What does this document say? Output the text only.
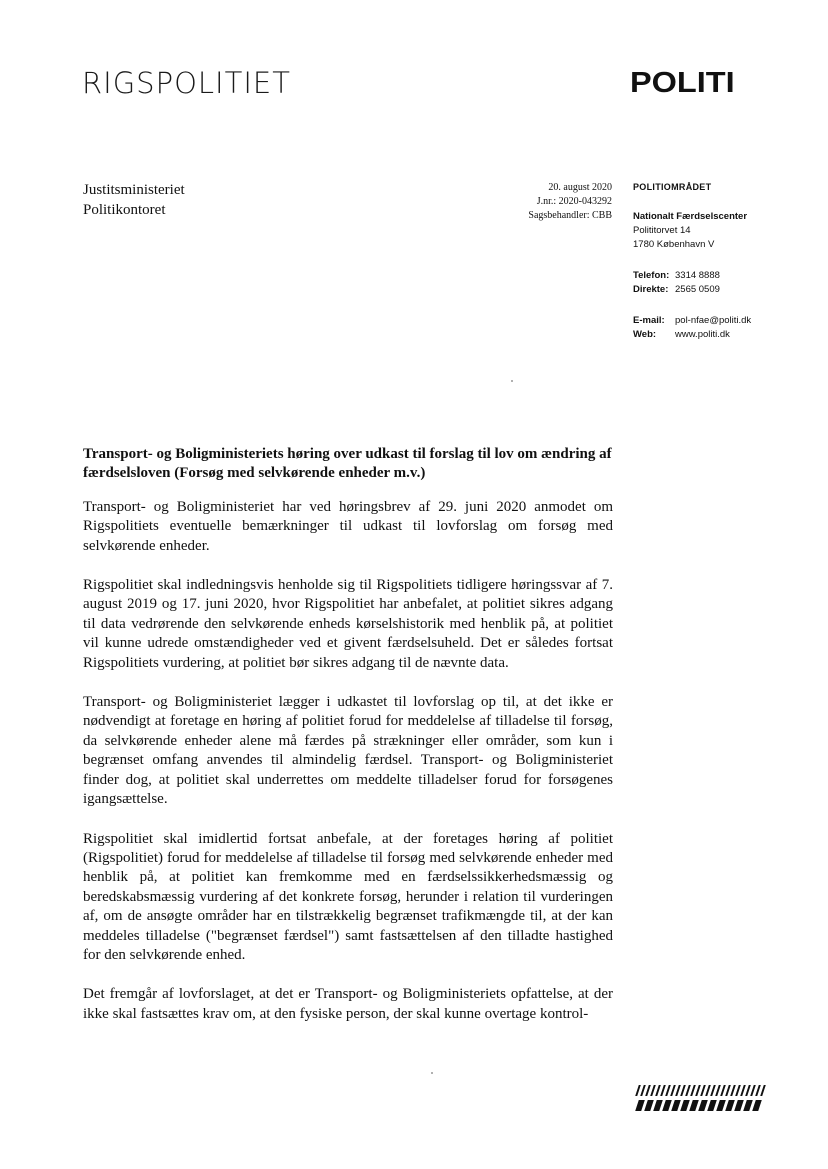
RIGSPOLITIET	POLITI
Justitsministeriet
Politikontoret
20. august 2020
J.nr.: 2020-043292
Sagsbehandler: CBB
POLITIOMRÅDET
Nationalt Færdselscenter
Polititorvet 14
1780 København V
Telefon: 3314 8888
Direkte: 2565 0509
E-mail:	pol-nfae@politi.dk
Web:	www.politi.dk

Transport- og Boligministeriets høring over udkast til forslag til lov om ændring af færdselsloven (Forsøg med selvkørende enheder m.v.)

Transport- og Boligministeriet har ved høringsbrev af 29. juni 2020 anmodet om Rigspolitiets eventuelle bemærkninger til udkast til lovforslag om forsøg med selvkørende enheder.

Rigspolitiet skal indledningsvis henholde sig til Rigspolitiets tidligere høringssvar af 7. august 2019 og 17. juni 2020, hvor Rigspolitiet har anbefalet, at politiet sikres adgang til data vedrørende den selvkørende enheds kørselshistorik med henblik på, at politiet vil kunne udrede omstændigheder ved et givent færdselsuheld. Det er således fortsat Rigspolitiets vurdering, at politiet bør sikres adgang til de nævnte data.

Transport- og Boligministeriet lægger i udkastet til lovforslag op til, at det ikke er nødvendigt at foretage en høring af politiet forud for meddelelse af tilladelse til forsøg, da selvkørende enheder alene må færdes på strækninger eller områder, som kun i begrænset omfang anvendes til almindelig færdsel. Transport- og Boligministeriet finder dog, at politiet skal underrettes om meddelte tilladelser forud for forsøgenes igangsættelse.

Rigspolitiet skal imidlertid fortsat anbefale, at der foretages høring af politiet (Rigspolitiet) forud for meddelelse af tilladelse til forsøg med selvkørende enheder med henblik på, at politiet kan fremkomme med en færdselssikkerhedsmæssig og beredskabsmæssig vurdering af det konkrete forsøg, herunder i relation til vurderingen af, om de ansøgte områder har en tilstrækkelig begrænset trafikmængde til, at der kan meddeles tilladelse ("begrænset færdsel") samt fastsættelsen af den tilladte hastighed for den selvkørende enhed.

Det fremgår af lovforslaget, at det er Transport- og Boligministeriets opfattelse, at der ikke skal fastsættes krav om, at den fysiske person, der skal kunne overtage kontrol-
